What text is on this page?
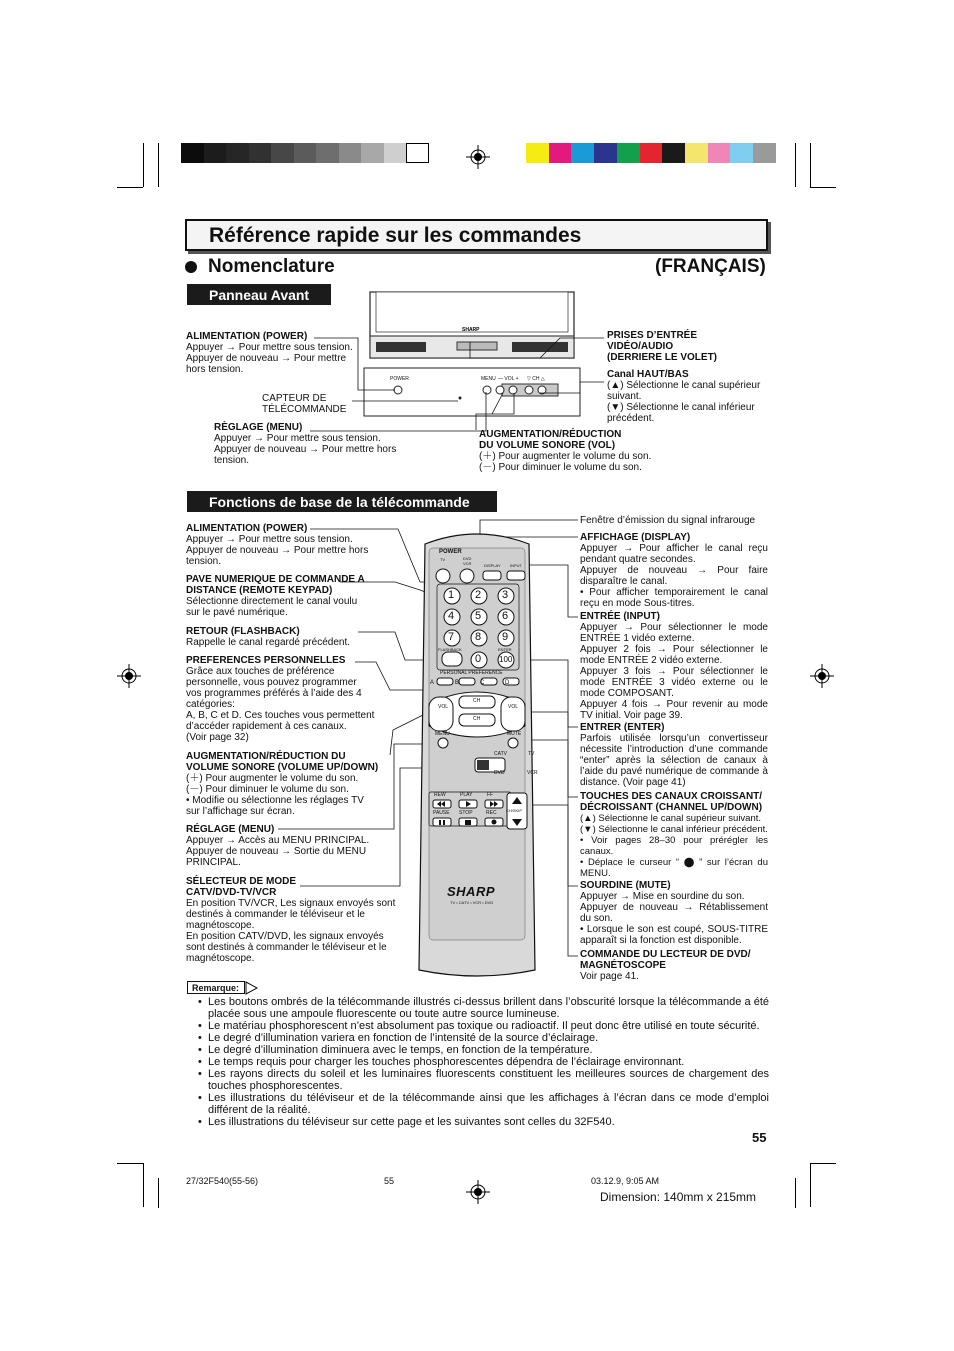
Référence rapide sur les commandes
Nomenclature	(FRANÇAIS)
Panneau Avant
SHARP
POWER	MENU — VOL + ▽ CH △
ALIMENTATION (POWER)
Appuyer → Pour mettre sous tension.
Appuyer de nouveau → Pour mettre
hors tension.
CAPTEUR DE
TÉLÉCOMMANDE
RÈGLAGE (MENU)
Appuyer → Pour mettre sous tension.
Appuyer de nouveau → Pour mettre hors
tension.
PRISES D’ENTRÉE
VIDÉO/AUDIO
(DERRIERE LE VOLET)
Canal HAUT/BAS
(▲) Sélectionne le canal supérieur
suivant.
(▼) Sélectionne le canal inférieur
précédent.
AUGMENTATION/RÉDUCTION
DU VOLUME SONORE (VOL)
(＋) Pour augmenter le volume du son.
(－) Pour diminuer le volume du son.
Fonctions de base de la télécommande
POWER
TV	DVD
VCR	DISPLAY INPUT
1 2 3
4 5 6
7 8 9
0 100
FLASHBACK	ENTER
PERSONAL PREFERENCE
A	B	C	D
VOL	VOL
CH
CH
MENU	MUTE
CATV	TV
DVD	VCR
REW	PLAY	FF
PAUSE STOP	REC CH/SKIP
SHARP
TV • CATV • VCR • DVD
ALIMENTATION (POWER)
Appuyer → Pour mettre sous tension.
Appuyer de nouveau → Pour mettre hors
tension.
PAVE NUMERIQUE DE COMMANDE A
DISTANCE (REMOTE KEYPAD)
Sélectionne directement le canal voulu
sur le pavé numérique.
RETOUR (FLASHBACK)
Rappelle le canal regardé précédent.
PREFERENCES PERSONNELLES
Grâce aux touches de préférence
personnelle, vous pouvez programmer
vos programmes préférés à l’aide des 4
catégories:
A, B, C et D. Ces touches vous permettent
d’accéder rapidement à ces canaux.
(Voir page 32)
AUGMENTATION/RÉDUCTION DU
VOLUME SONORE (VOLUME UP/DOWN)
(＋) Pour augmenter le volume du son.
(－) Pour diminuer le volume du son.
• Modifie ou sélectionne les réglages TV
sur l’affichage sur écran.
RÉGLAGE (MENU)
Appuyer → Accès au MENU PRINCIPAL.
Appuyer de nouveau → Sortie du MENU
PRINCIPAL.
SÉLECTEUR DE MODE
CATV/DVD-TV/VCR
En position TV/VCR, Les signaux envoyés sont
destinés à commander le téléviseur et le
magnétoscope.
En position CATV/DVD, les signaux envoyés
sont destinés à commander le téléviseur et le
magnétoscope.
Fenêtre d’émission du signal infrarouge
AFFICHAGE (DISPLAY)
Appuyer → Pour afficher le canal reçu pendant quatre secondes.
Appuyer de nouveau → Pour faire disparaître le canal.
• Pour afficher temporairement le canal reçu en mode Sous-titres.
ENTRÉE (INPUT)
Appuyer → Pour sélectionner le mode ENTRÉE 1 vidéo externe.
Appuyer 2 fois → Pour sélectionner le mode ENTRÉE 2 vidéo externe.
Appuyer 3 fois → Pour sélectionner le mode ENTRÉE 3 vidéo externe ou le mode COMPOSANT.
Appuyer 4 fois → Pour revenir au mode TV initial. Voir page 39.
ENTRER (ENTER)
Parfois utilisée lorsqu’un convertisseur nécessite l’introduction d’une commande “enter” après la sélection de canaux à l’aide du pavé numérique de commande à distance. (Voir page 41)
TOUCHES DES CANAUX CROISSANT/
DÉCROISSANT (CHANNEL UP/DOWN)
(▲) Sélectionne le canal supérieur suivant.
(▼) Sélectionne le canal inférieur précédent.
• Voir pages 28–30 pour prérégler les canaux.
• Déplace le curseur “ ⬤ ” sur l’écran du MENU.
SOURDINE (MUTE)
Appuyer → Mise en sourdine du son.
Appuyer de nouveau → Rétablissement du son.
• Lorsque le son est coupé, SOUS-TITRE apparaît si la fonction est disponible.
COMMANDE DU LECTEUR DE DVD/
MAGNÉTOSCOPE
Voir page 41.
Remarque:
• Les boutons ombrés de la télécommande illustrés ci-dessus brillent dans l’obscurité lorsque la télécommande a été placée sous une ampoule fluorescente ou toute autre source lumineuse.
• Le matériau phosphorescent n’est absolument pas toxique ou radioactif. Il peut donc être utilisé en toute sécurité.
• Le degré d’illumination variera en fonction de l’intensité de la source d’éclairage.
• Le degré d’illumination diminuera avec le temps, en fonction de la température.
• Le temps requis pour charger les touches phosphorescentes dépendra de l’éclairage environnant.
• Les rayons directs du soleil et les luminaires fluorescents constituent les meilleures sources de chargement des touches phosphorescentes.
• Les illustrations du téléviseur et de la télécommande ainsi que les affichages à l’écran dans ce mode d’emploi différent de la réalité.
• Les illustrations du téléviseur sur cette page et les suivantes sont celles du 32F540.
55
27/32F540(55-56)	55	03.12.9, 9:05 AM
Dimension: 140mm x 215mm
